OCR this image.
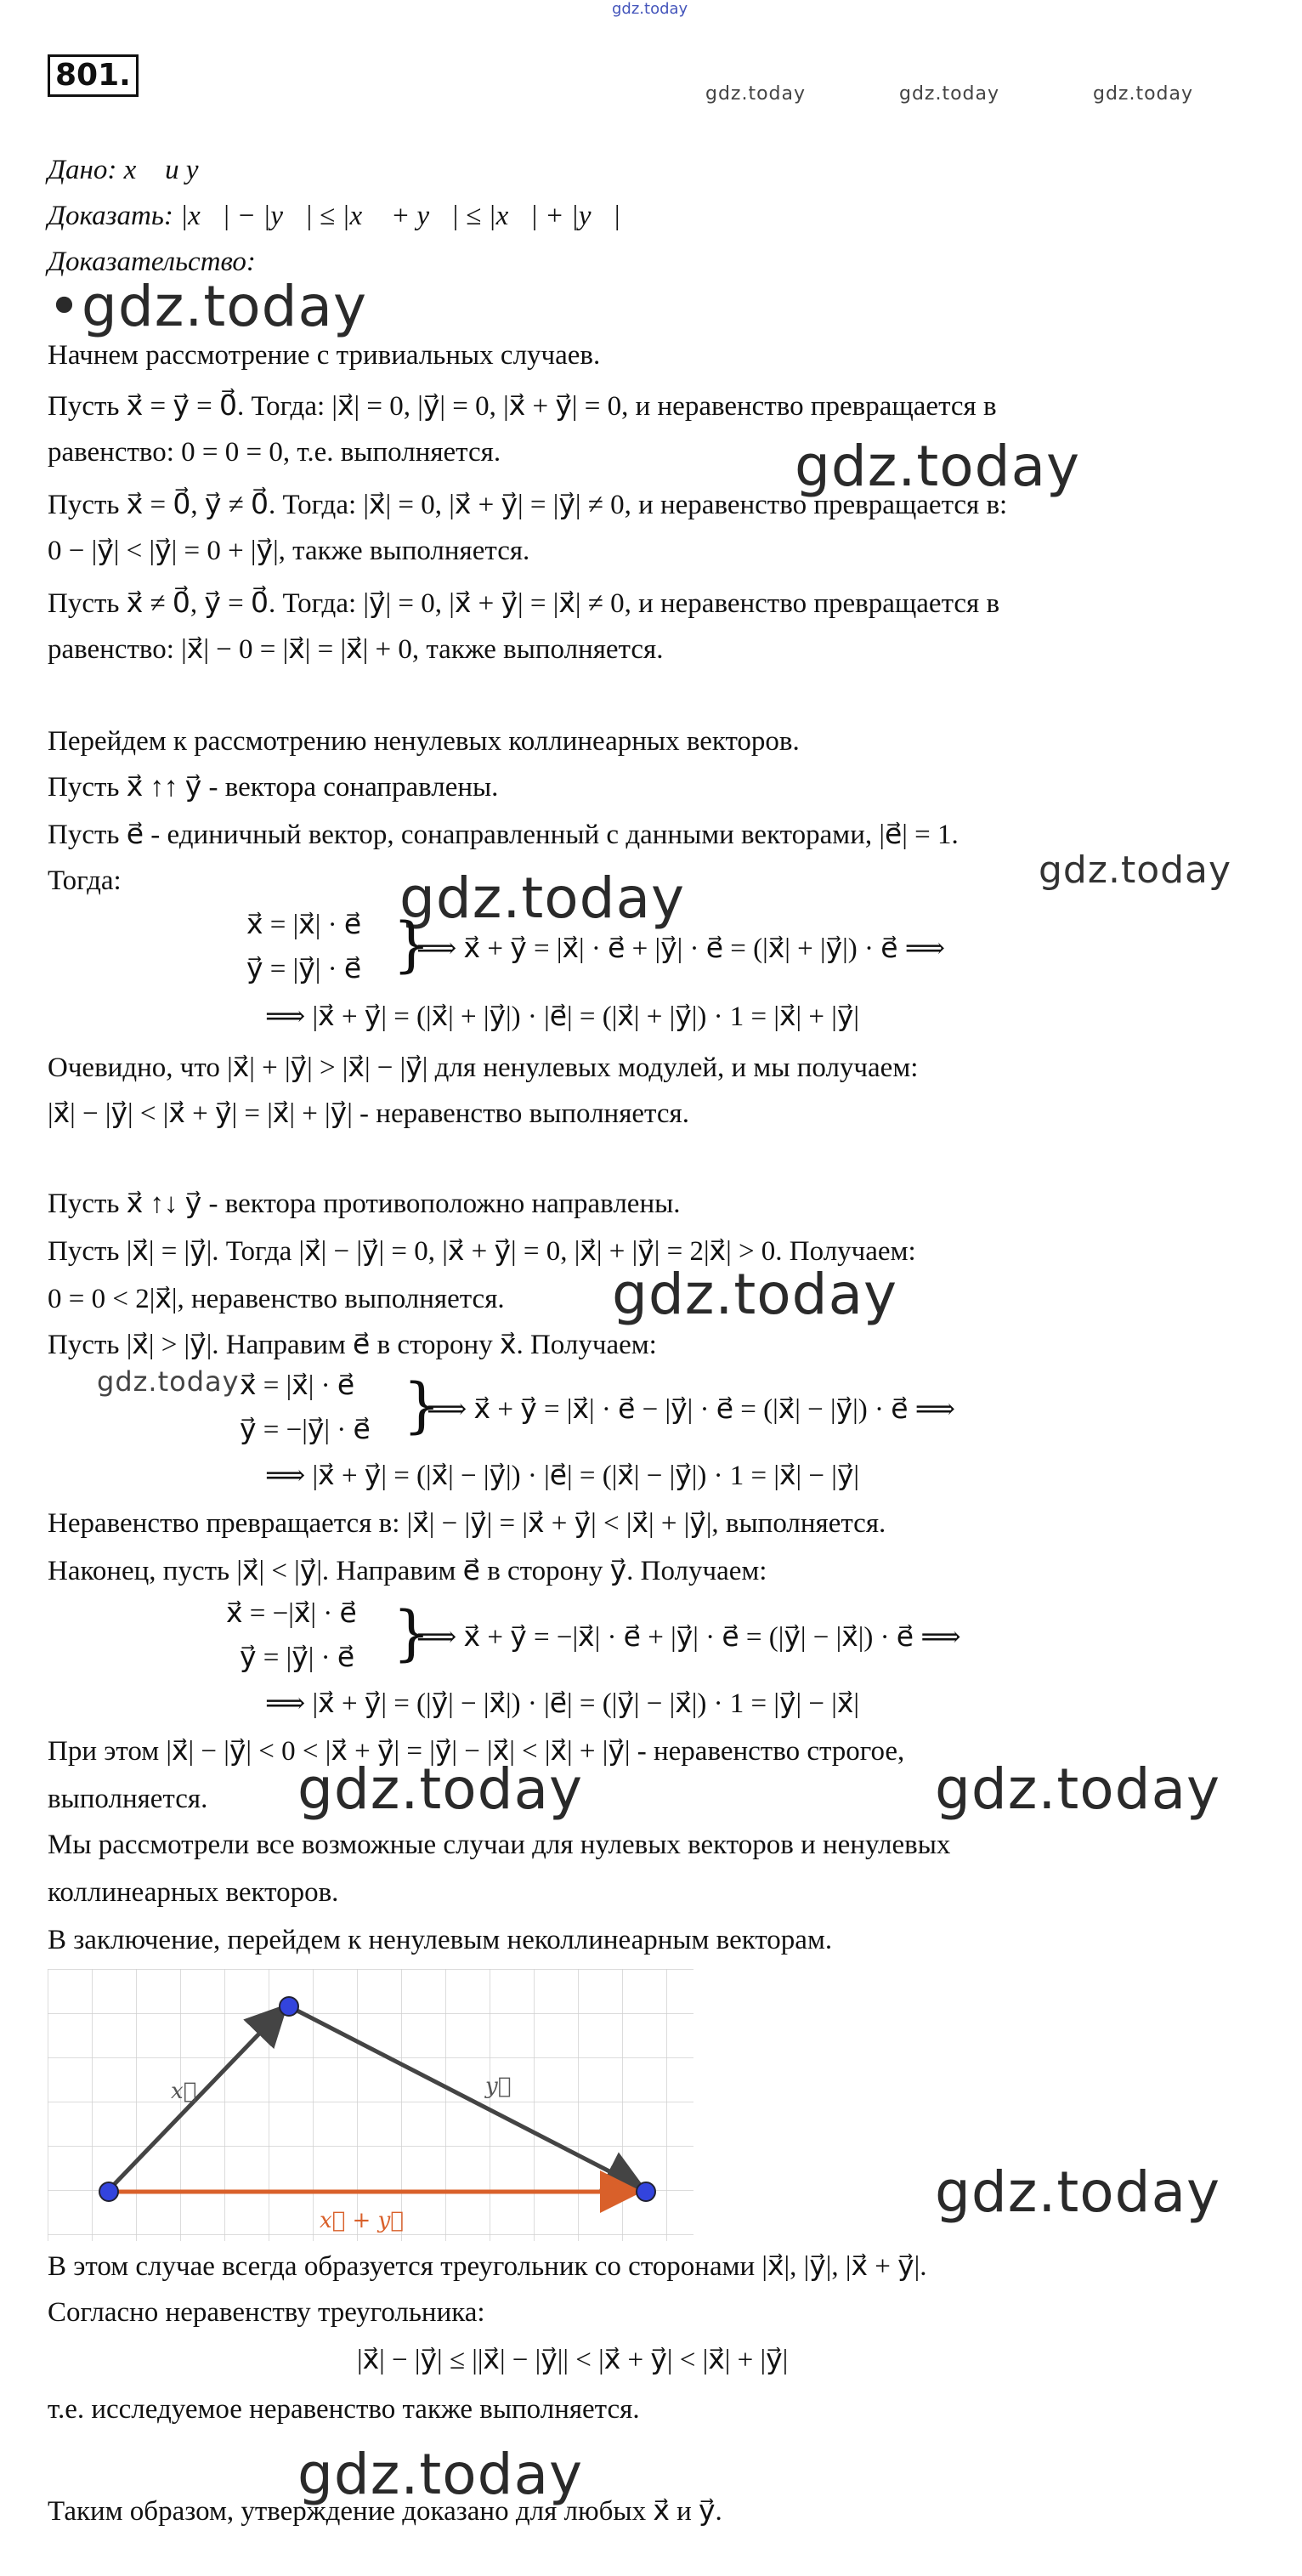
gdz.today
801.
gdz.today	gdz.today	gdz.today
Дано: x⃗ и y⃗
Доказать: |x⃗| − |y⃗| ≤ |x⃗ + y⃗| ≤ |x⃗| + |y⃗|
Доказательство:
•gdz.today
Начнем рассмотрение с тривиальных случаев.
Пусть x⃗ = y⃗ = 0⃗. Тогда: |x⃗| = 0, |y⃗| = 0, |x⃗ + y⃗| = 0, и неравенство превращается в
равенство: 0 = 0 = 0, т.е. выполняется.	gdz.today
Пусть x⃗ = 0⃗, y⃗ ≠ 0⃗. Тогда: |x⃗| = 0, |x⃗ + y⃗| = |y⃗| ≠ 0, и неравенство превращается в:
0 − |y⃗| < |y⃗| = 0 + |y⃗|, также выполняется.
Пусть x⃗ ≠ 0⃗, y⃗ = 0⃗. Тогда: |y⃗| = 0, |x⃗ + y⃗| = |x⃗| ≠ 0, и неравенство превращается в
равенство: |x⃗| − 0 = |x⃗| = |x⃗| + 0, также выполняется.
Перейдем к рассмотрению ненулевых коллинеарных векторов.
Пусть x⃗ ↑↑ y⃗ - вектора сонаправлены.
Пусть e⃗ - единичный вектор, сонаправленный с данными векторами, |e⃗| = 1.
gdz.today
Тогда:	gdz.today
x⃗ = |x⃗| · e⃗
y⃗ = |y⃗| · e⃗ }
⟹ x⃗ + y⃗ = |x⃗| · e⃗ + |y⃗| · e⃗ = (|x⃗| + |y⃗|) · e⃗ ⟹
⟹ |x⃗ + y⃗| = (|x⃗| + |y⃗|) · |e⃗| = (|x⃗| + |y⃗|) · 1 = |x⃗| + |y⃗|
Очевидно, что |x⃗| + |y⃗| > |x⃗| − |y⃗| для ненулевых модулей, и мы получаем:
|x⃗| − |y⃗| < |x⃗ + y⃗| = |x⃗| + |y⃗| - неравенство выполняется.
Пусть x⃗ ↑↓ y⃗ - вектора противоположно направлены.
Пусть |x⃗| = |y⃗|. Тогда |x⃗| − |y⃗| = 0, |x⃗ + y⃗| = 0, |x⃗| + |y⃗| = 2|x⃗| > 0. Получаем:
0 = 0 < 2|x⃗|, неравенство выполняется. gdz.today
Пусть |x⃗| > |y⃗|. Направим e⃗ в сторону x⃗. Получаем:
gdz.today x⃗ = |x⃗| · e⃗
y⃗ = −|y⃗| · e⃗ }
⟹ x⃗ + y⃗ = |x⃗| · e⃗ − |y⃗| · e⃗ = (|x⃗| − |y⃗|) · e⃗ ⟹
⟹ |x⃗ + y⃗| = (|x⃗| − |y⃗|) · |e⃗| = (|x⃗| − |y⃗|) · 1 = |x⃗| − |y⃗|
Неравенство превращается в: |x⃗| − |y⃗| = |x⃗ + y⃗| < |x⃗| + |y⃗|, выполняется.
Наконец, пусть |x⃗| < |y⃗|. Направим e⃗ в сторону y⃗. Получаем:
x⃗ = −|x⃗| · e⃗
y⃗ = |y⃗| · e⃗ }
⟹ x⃗ + y⃗ = −|x⃗| · e⃗ + |y⃗| · e⃗ = (|y⃗| − |x⃗|) · e⃗ ⟹
⟹ |x⃗ + y⃗| = (|y⃗| − |x⃗|) · |e⃗| = (|y⃗| − |x⃗|) · 1 = |y⃗| − |x⃗|
При этом |x⃗| − |y⃗| < 0 < |x⃗ + y⃗| = |y⃗| − |x⃗| < |x⃗| + |y⃗| - неравенство строгое,
выполняется. gdz.today	gdz.today
Мы рассмотрели все возможные случаи для нулевых векторов и ненулевых
коллинеарных векторов.
В заключение, перейдем к ненулевым неколлинеарным векторам.
x⃗	y⃗
x⃗ + y⃗	gdz.today
В этом случае всегда образуется треугольник со сторонами |x⃗|, |y⃗|, |x⃗ + y⃗|.
Согласно неравенству треугольника:
|x⃗| − |y⃗| ≤ ||x⃗| − |y⃗|| < |x⃗ + y⃗| < |x⃗| + |y⃗|
т.е. исследуемое неравенство также выполняется.
gdz.today
Таким образом, утверждение доказано для любых x⃗ и y⃗.
